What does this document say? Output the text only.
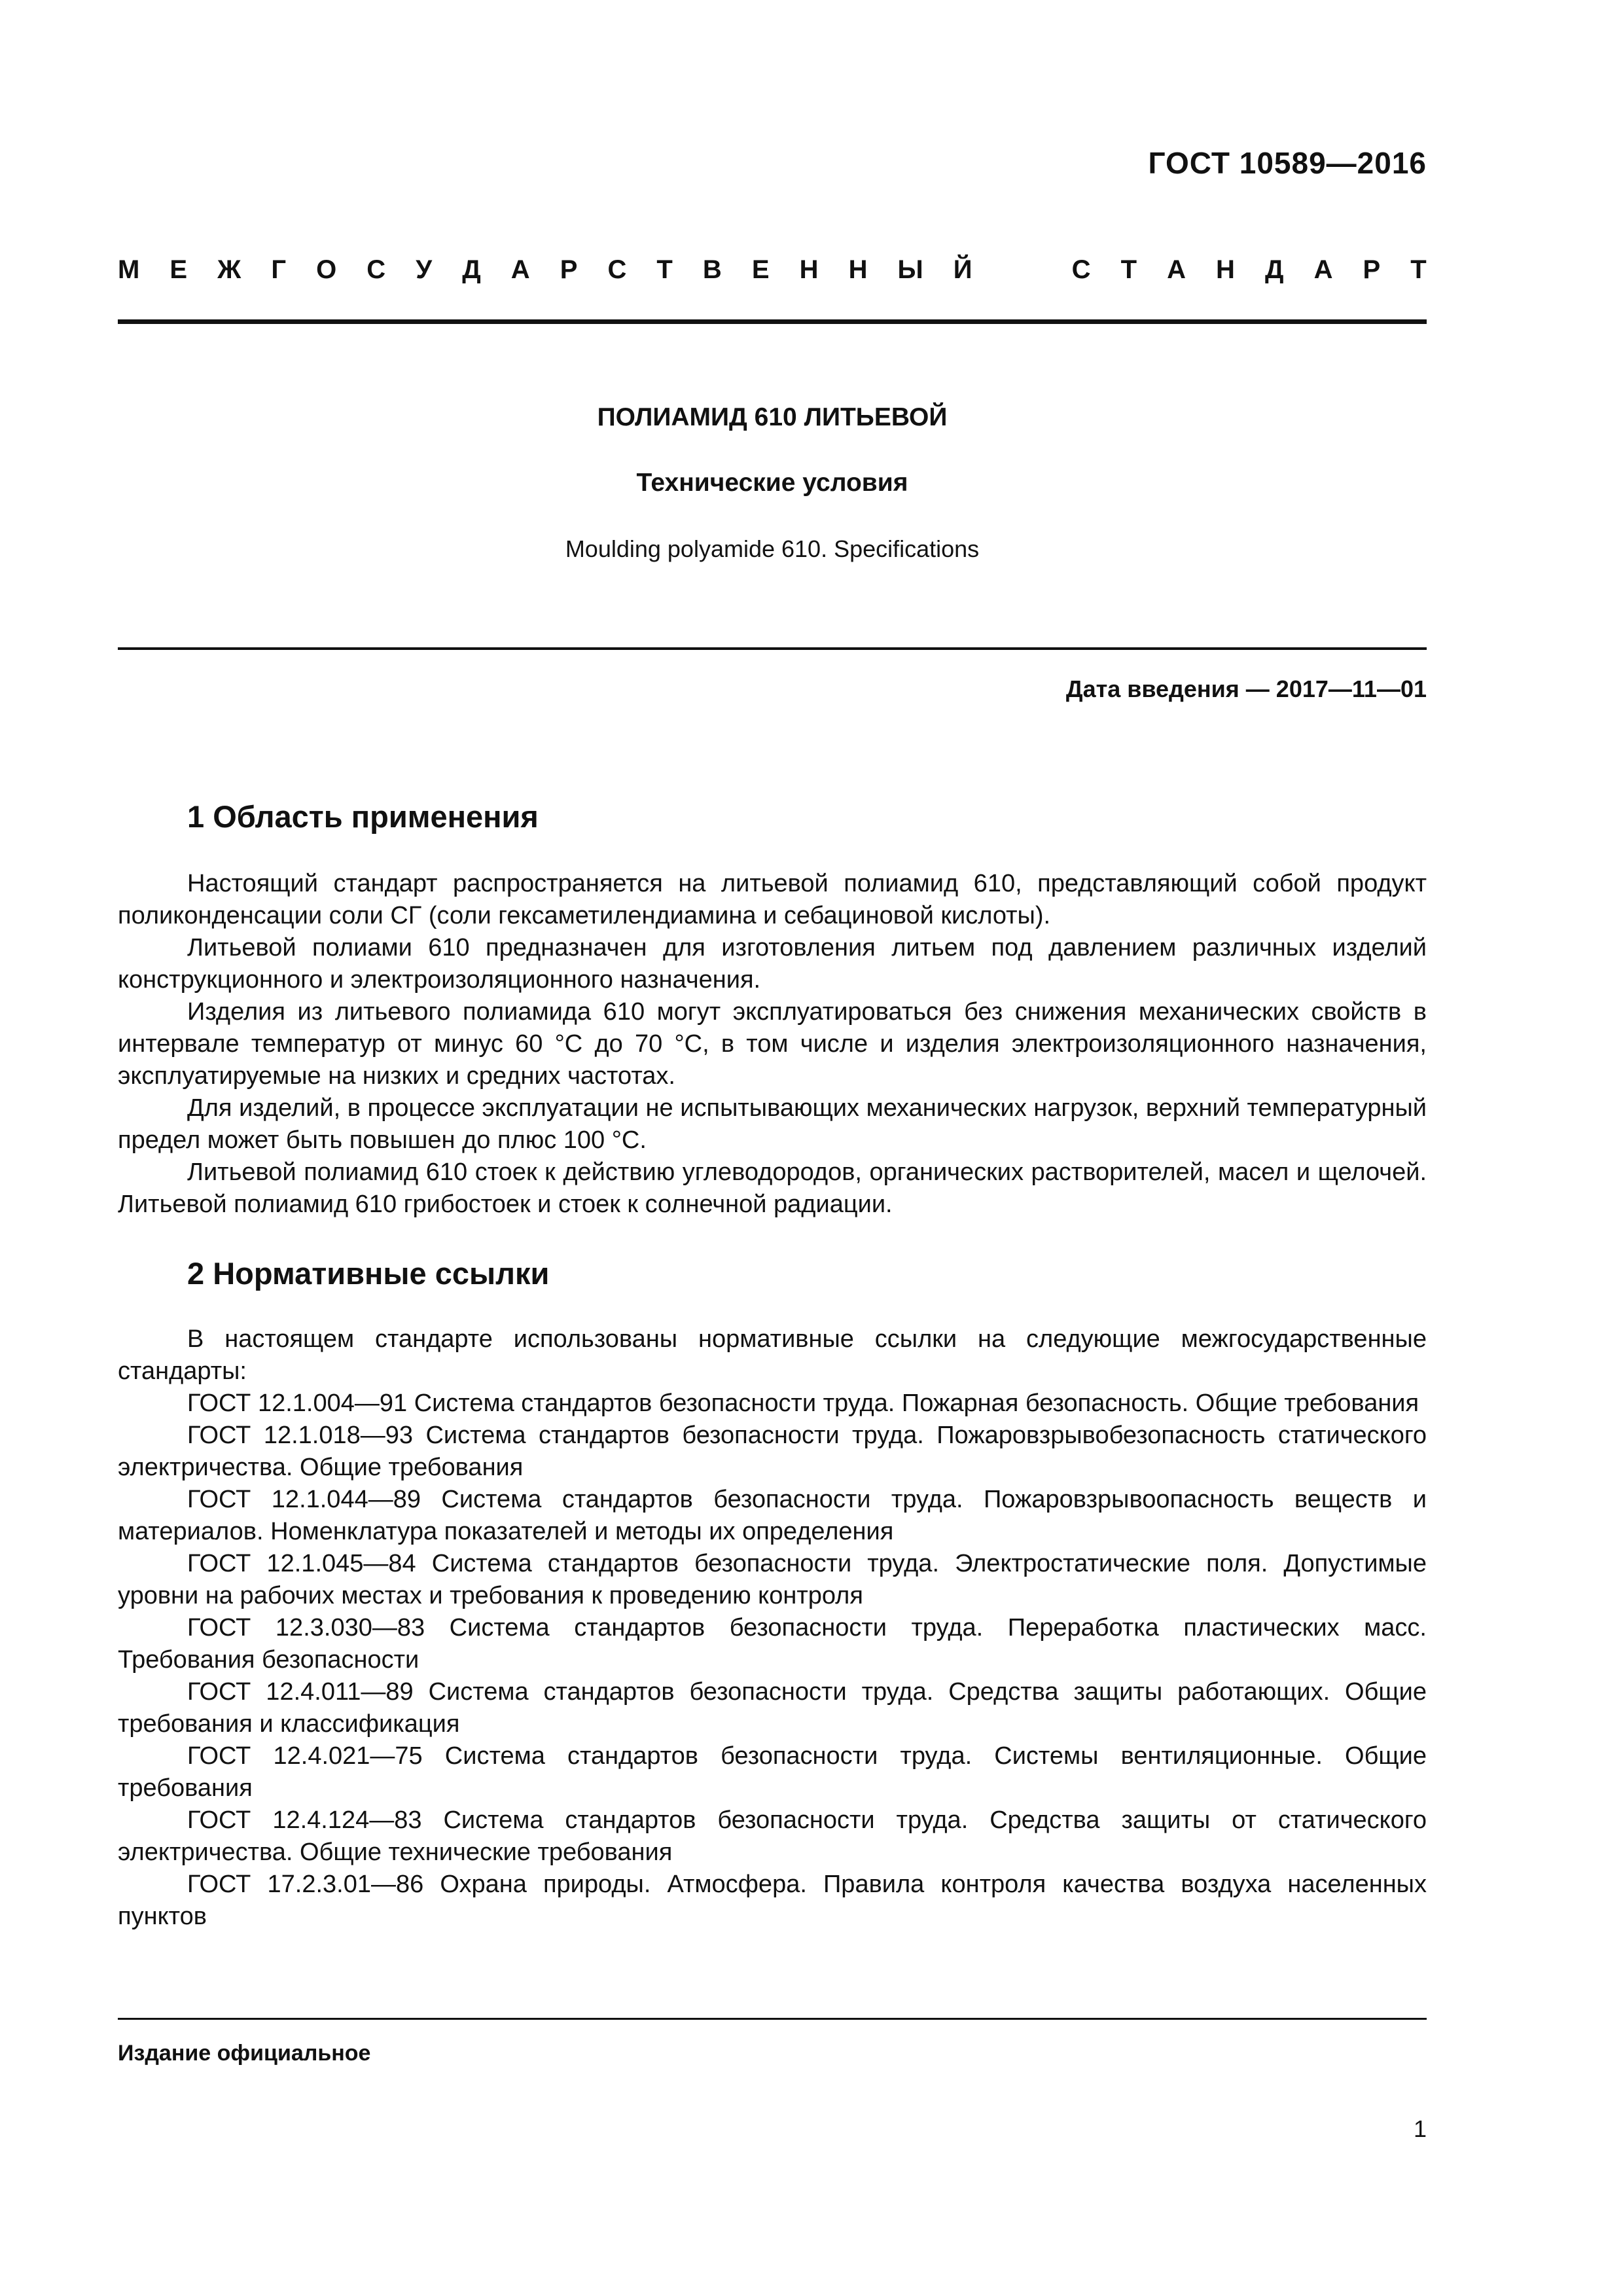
ГОСТ 10589—2016
М Е Ж Г О С У Д А Р С Т В Е Н Н Ы Й	С Т А Н Д А Р Т
ПОЛИАМИД 610 ЛИТЬЕВОЙ
Технические условия
Moulding polyamide 610. Specifications
Дата введения — 2017—11—01
1 Область применения

Настоящий стандарт распространяется на литьевой полиамид 610, представляющий собой продукт поликонденсации соли СГ (соли гексаметилендиамина и себациновой кислоты).

Литьевой полиами 610 предназначен для изготовления литьем под давлением различных изделий конструкционного и электроизоляционного назначения.

Изделия из литьевого полиамида 610 могут эксплуатироваться без снижения механических свойств в интервале температур от минус 60 °С до 70 °С, в том числе и изделия электроизоляционного назначения, эксплуатируемые на низких и средних частотах.

Для изделий, в процессе эксплуатации не испытывающих механических нагрузок, верхний температурный предел может быть повышен до плюс 100 °С.

Литьевой полиамид 610 стоек к действию углеводородов, органических растворителей, масел и щелочей. Литьевой полиамид 610 грибостоек и стоек к солнечной радиации.

2 Нормативные ссылки

В настоящем стандарте использованы нормативные ссылки на следующие межгосударственные стандарты:

ГОСТ 12.1.004—91 Система стандартов безопасности труда. Пожарная безопасность. Общие требования

ГОСТ 12.1.018—93 Система стандартов безопасности труда. Пожаровзрывобезопасность статического электричества. Общие требования

ГОСТ 12.1.044—89 Система стандартов безопасности труда. Пожаровзрывоопасность веществ и материалов. Номенклатура показателей и методы их определения

ГОСТ 12.1.045—84 Система стандартов безопасности труда. Электростатические поля. Допустимые уровни на рабочих местах и требования к проведению контроля

ГОСТ 12.3.030—83 Система стандартов безопасности труда. Переработка пластических масс. Требования безопасности

ГОСТ 12.4.011—89 Система стандартов безопасности труда. Средства защиты работающих. Общие требования и классификация

ГОСТ 12.4.021—75 Система стандартов безопасности труда. Системы вентиляционные. Общие требования

ГОСТ 12.4.124—83 Система стандартов безопасности труда. Средства защиты от статического электричества. Общие технические требования

ГОСТ 17.2.3.01—86 Охрана природы. Атмосфера. Правила контроля качества воздуха населенных пунктов

Издание официальное
1
